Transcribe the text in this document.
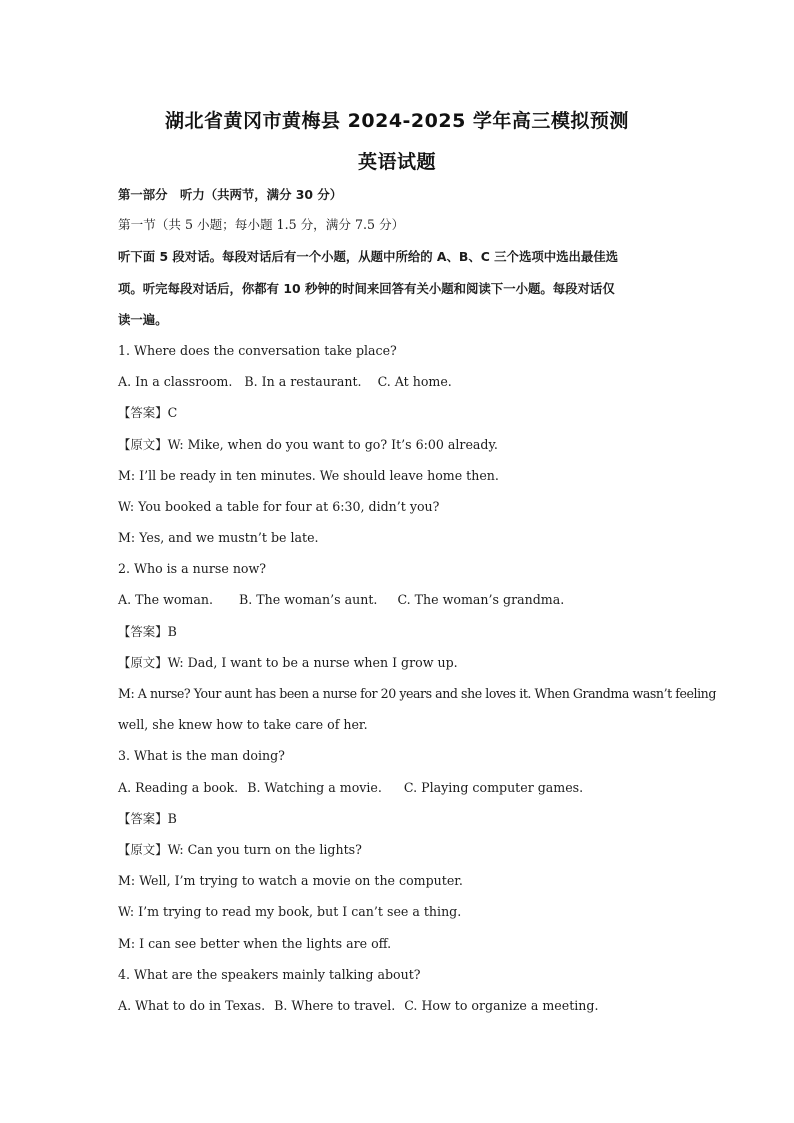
湖北省黄冈市黄梅县 2024-2025 学年高三模拟预测
英语试题
第一部分　听力（共两节，满分 30 分）
第一节（共 5 小题；每小题 1.5 分，满分 7.5 分）
听下面 5 段对话。每段对话后有一个小题，从题中所给的 A、B、C 三个选项中选出最佳选
项。听完每段对话后，你都有 10 秒钟的时间来回答有关小题和阅读下一小题。每段对话仅
读一遍。
1. Where does the conversation take place?
A. In a classroom. B. In a restaurant. C. At home.
【答案】C
【原文】W: Mike, when do you want to go? It’s 6:00 already.
M: I’ll be ready in ten minutes. We should leave home then.
W: You booked a table for four at 6:30, didn’t you?
M: Yes, and we mustn’t be late.
2. Who is a nurse now?
A. The woman. B. The woman’s aunt. C. The woman’s grandma.
【答案】B
【原文】W: Dad, I want to be a nurse when I grow up.
M: A nurse? Your aunt has been a nurse for 20 years and she loves it. When Grandma wasn’t feeling
well, she knew how to take care of her.
3. What is the man doing?
A. Reading a book. B. Watching a movie. C. Playing computer games.
【答案】B
【原文】W: Can you turn on the lights?
M: Well, I’m trying to watch a movie on the computer.
W: I’m trying to read my book, but I can’t see a thing.
M: I can see better when the lights are off.
4. What are the speakers mainly talking about?
A. What to do in Texas. B. Where to travel. C. How to organize a meeting.
